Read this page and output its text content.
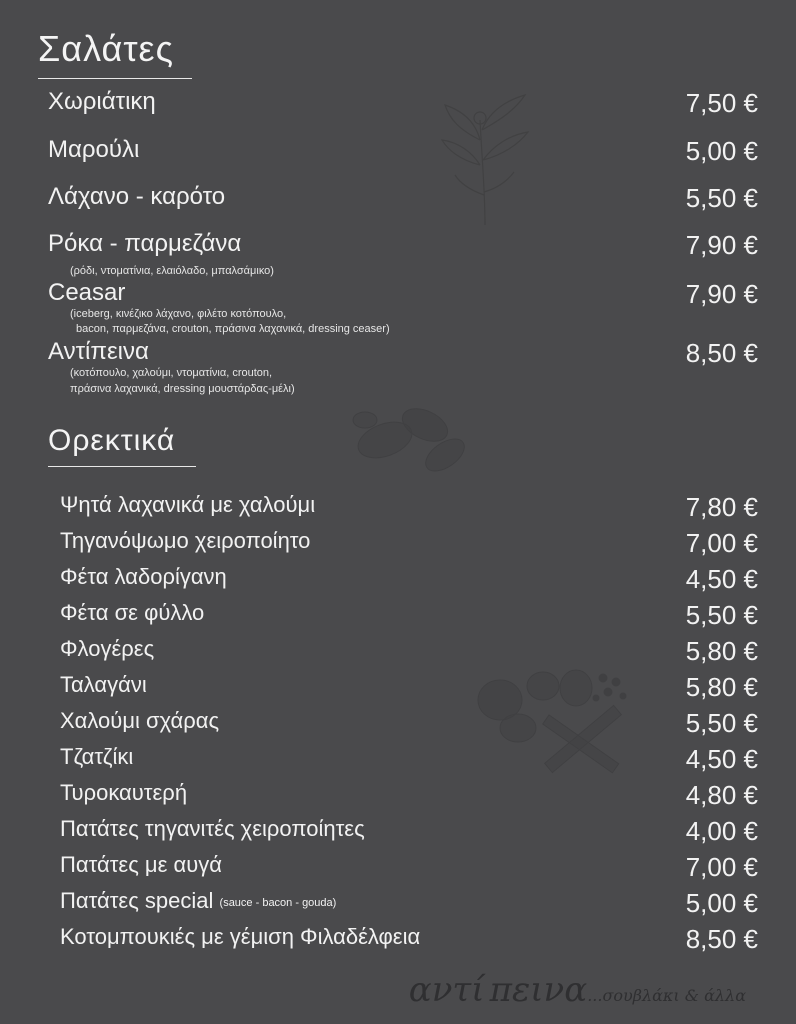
Σαλάτες
Χωριάτικη	7,50 €
Μαρούλι	5,00 €
Λάχανο - καρότο	5,50 €
Ρόκα - παρμεζάνα	7,90 €
(ρόδι, ντοματίνια, ελαιόλαδο, μπαλσάμικο)
Ceasar	7,90 €
(iceberg, κινέζικο λάχανο, φιλέτο κοτόπουλο,
bacon, παρμεζάνα, crouton, πράσινα λαχανικά, dressing ceaser)
Αντίπεινα	8,50 €
(κοτόπουλο, χαλούμι, ντοματίνια, crouton,
πράσινα λαχανικά, dressing μουστάρδας-μέλι)
Ορεκτικά
Ψητά λαχανικά με χαλούμι	7,80 €
Τηγανόψωμο χειροποίητο	7,00 €
Φέτα λαδορίγανη	4,50 €
Φέτα σε φύλλο	5,50 €
Φλογέρες	5,80 €
Ταλαγάνι	5,80 €
Χαλούμι σχάρας	5,50 €
Τζατζίκι	4,50 €
Τυροκαυτερή	4,80 €
Πατάτες τηγανιτές χειροποίητες	4,00 €
Πατάτες με αυγά	7,00 €
Πατάτες special (sauce - bacon - gouda)	5,00 €
Κοτομπουκιές με γέμιση Φιλαδέλφεια	8,50 €
αντί πεινα...σουβλάκι & άλλα
